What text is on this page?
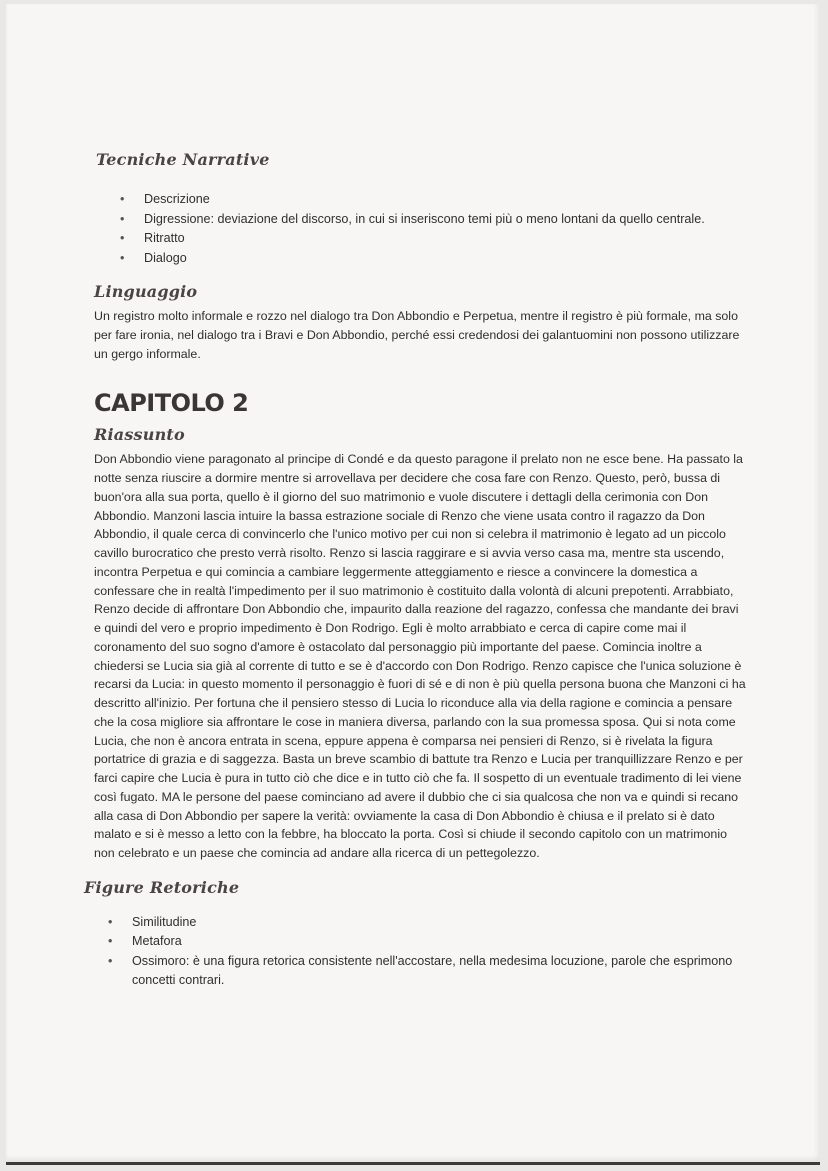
Tecniche Narrative
• Descrizione
• Digressione: deviazione del discorso, in cui si inseriscono temi più o meno lontani da quello centrale.
• Ritratto
• Dialogo
Linguaggio

Un registro molto informale e rozzo nel dialogo tra Don Abbondio e Perpetua, mentre il registro è più formale, ma solo per fare ironia, nel dialogo tra i Bravi e Don Abbondio, perché essi credendosi dei galantuomini non possono utilizzare un gergo informale.

CAPITOLO 2
Riassunto

Don Abbondio viene paragonato al principe di Condé e da questo paragone il prelato non ne esce bene. Ha passato la notte senza riuscire a dormire mentre si arrovellava per decidere che cosa fare con Renzo. Questo, però, bussa di buon'ora alla sua porta, quello è il giorno del suo matrimonio e vuole discutere i dettagli della cerimonia con Don Abbondio. Manzoni lascia intuire la bassa estrazione sociale di Renzo che viene usata contro il ragazzo da Don Abbondio, il quale cerca di convincerlo che l'unico motivo per cui non si celebra il matrimonio è legato ad un piccolo cavillo burocratico che presto verrà risolto. Renzo si lascia raggirare e si avvia verso casa ma, mentre sta uscendo, incontra Perpetua e qui comincia a cambiare leggermente atteggiamento e riesce a convincere la domestica a confessare che in realtà l'impedimento per il suo matrimonio è costituito dalla volontà di alcuni prepotenti. Arrabbiato, Renzo decide di affrontare Don Abbondio che, impaurito dalla reazione del ragazzo, confessa che mandante dei bravi e quindi del vero e proprio impedimento è Don Rodrigo. Egli è molto arrabbiato e cerca di capire come mai il coronamento del suo sogno d'amore è ostacolato dal personaggio più importante del paese. Comincia inoltre a chiedersi se Lucia sia già al corrente di tutto e se è d'accordo con Don Rodrigo. Renzo capisce che l'unica soluzione è recarsi da Lucia: in questo momento il personaggio è fuori di sé e di non è più quella persona buona che Manzoni ci ha descritto all'inizio. Per fortuna che il pensiero stesso di Lucia lo riconduce alla via della ragione e comincia a pensare che la cosa migliore sia affrontare le cose in maniera diversa, parlando con la sua promessa sposa. Qui si nota come Lucia, che non è ancora entrata in scena, eppure appena è comparsa nei pensieri di Renzo, si è rivelata la figura portatrice di grazia e di saggezza. Basta un breve scambio di battute tra Renzo e Lucia per tranquillizzare Renzo e per farci capire che Lucia è pura in tutto ciò che dice e in tutto ciò che fa. Il sospetto di un eventuale tradimento di lei viene così fugato. MA le persone del paese cominciano ad avere il dubbio che ci sia qualcosa che non va e quindi si recano alla casa di Don Abbondio per sapere la verità: ovviamente la casa di Don Abbondio è chiusa e il prelato si è dato malato e si è messo a letto con la febbre, ha bloccato la porta. Così si chiude il secondo capitolo con un matrimonio non celebrato e un paese che comincia ad andare alla ricerca di un pettegolezzo.

Figure Retoriche
• Similitudine
• Metafora
• Ossimoro: è una figura retorica consistente nell'accostare, nella medesima locuzione, parole che esprimono concetti contrari.
